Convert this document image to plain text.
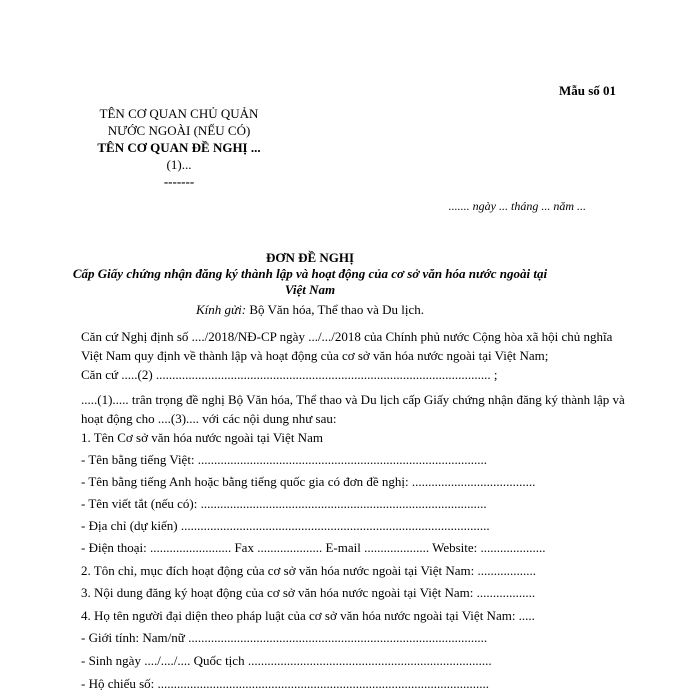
Mẫu số 01
TÊN CƠ QUAN CHỦ QUẢN
NƯỚC NGOÀI (NẾU CÓ)
TÊN CƠ QUAN ĐỀ NGHỊ ...
(1)...
-------
....... ngày ... tháng ... năm ...
ĐƠN ĐỀ NGHỊ
Cấp Giấy chứng nhận đăng ký thành lập và hoạt động của cơ sở văn hóa nước ngoài tại
Việt Nam
Kính gửi: Bộ Văn hóa, Thể thao và Du lịch.
Căn cứ Nghị định số ..../2018/NĐ-CP ngày .../.../2018 của Chính phủ nước Cộng hòa xã hội chủ nghĩa Việt Nam quy định về thành lập và hoạt động của cơ sở văn hóa nước ngoài tại Việt Nam;
Căn cứ .....(2) ....................................................................................................... ;
.....(1)..... trân trọng đề nghị Bộ Văn hóa, Thể thao và Du lịch cấp Giấy chứng nhận đăng ký thành lập và hoạt động cho ....(3).... với các nội dung như sau:
1. Tên Cơ sở văn hóa nước ngoài tại Việt Nam
- Tên bằng tiếng Việt: .........................................................................................
- Tên bằng tiếng Anh hoặc bằng tiếng quốc gia có đơn đề nghị: ......................................
- Tên viết tắt (nếu có): ........................................................................................
- Địa chỉ (dự kiến) ...............................................................................................
- Điện thoại: ......................... Fax .................... E-mail .................... Website: ....................
2. Tôn chỉ, mục đích hoạt động của cơ sở văn hóa nước ngoài tại Việt Nam: ..................
3. Nội dung đăng ký hoạt động của cơ sở văn hóa nước ngoài tại Việt Nam: ..................
4. Họ tên người đại diện theo pháp luật của cơ sở văn hóa nước ngoài tại Việt Nam: .....
- Giới tính: Nam/nữ ............................................................................................
- Sinh ngày ..../..../.... Quốc tịch ...........................................................................
- Hộ chiếu số: ......................................................................................................
